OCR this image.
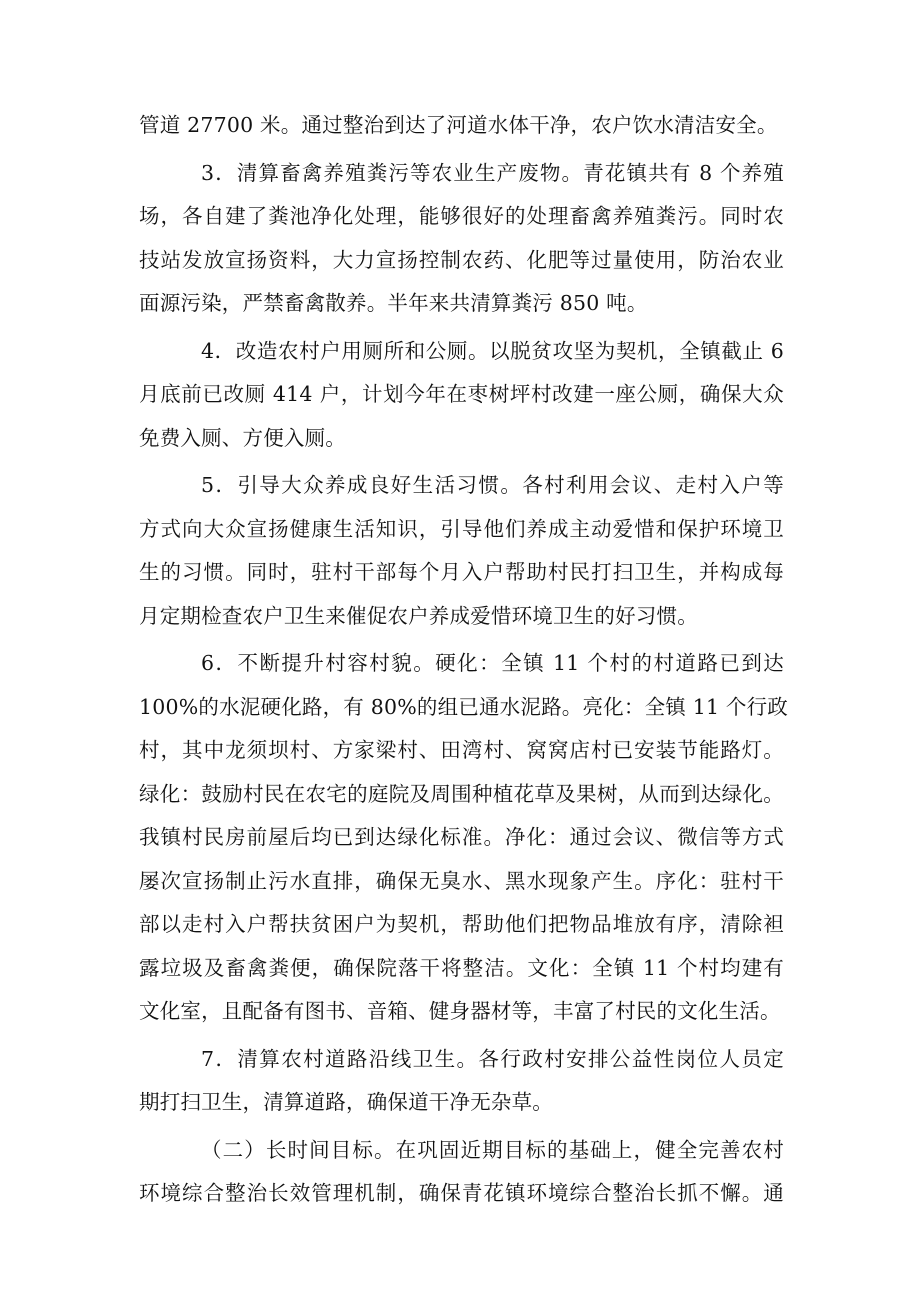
管道 27700 米。通过整治到达了河道水体干净，农户饮水清洁安全。
3．清算畜禽养殖粪污等农业生产废物。青花镇共有 8 个养殖
场，各自建了粪池净化处理，能够很好的处理畜禽养殖粪污。同时农
技站发放宣扬资料，大力宣扬控制农药、化肥等过量使用，防治农业
面源污染，严禁畜禽散养。半年来共清算粪污 850 吨。
4．改造农村户用厕所和公厕。以脱贫攻坚为契机，全镇截止 6
月底前已改厕 414 户，计划今年在枣树坪村改建一座公厕，确保大众
免费入厕、方便入厕。
5．引导大众养成良好生活习惯。各村利用会议、走村入户等
方式向大众宣扬健康生活知识，引导他们养成主动爱惜和保护环境卫
生的习惯。同时，驻村干部每个月入户帮助村民打扫卫生，并构成每
月定期检查农户卫生来催促农户养成爱惜环境卫生的好习惯。
6．不断提升村容村貌。硬化：全镇 11 个村的村道路已到达
100%的水泥硬化路，有 80%的组已通水泥路。亮化：全镇 11 个行政
村，其中龙须坝村、方家梁村、田湾村、窝窝店村已安装节能路灯。
绿化：鼓励村民在农宅的庭院及周围种植花草及果树，从而到达绿化。
我镇村民房前屋后均已到达绿化标准。净化：通过会议、微信等方式
屡次宣扬制止污水直排，确保无臭水、黑水现象产生。序化：驻村干
部以走村入户帮扶贫困户为契机，帮助他们把物品堆放有序，清除袒
露垃圾及畜禽粪便，确保院落干将整洁。文化：全镇 11 个村均建有
文化室，且配备有图书、音箱、健身器材等，丰富了村民的文化生活。
7．清算农村道路沿线卫生。各行政村安排公益性岗位人员定
期打扫卫生，清算道路，确保道干净无杂草。
（二）长时间目标。在巩固近期目标的基础上，健全完善农村
环境综合整治长效管理机制，确保青花镇环境综合整治长抓不懈。通
